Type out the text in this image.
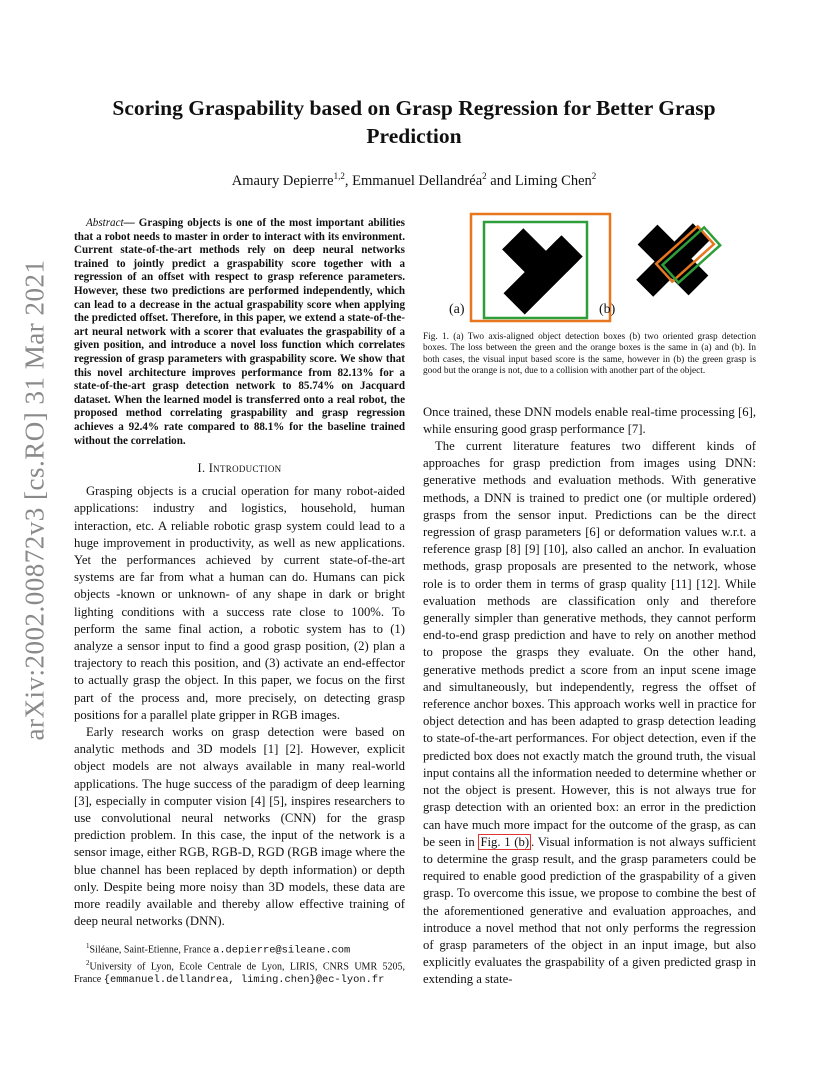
arXiv:2002.00872v3 [cs.RO] 31 Mar 2021
Scoring Graspability based on Grasp Regression for Better Grasp Prediction
Amaury Depierre$^{1,2}$, Emmanuel Dellandréa$^2$ and Liming Chen$^2$
Abstract— Grasping objects is one of the most important abilities that a robot needs to master in order to interact with its environment. Current state-of-the-art methods rely on deep neural networks trained to jointly predict a graspability score together with a regression of an offset with respect to grasp reference parameters. However, these two predictions are performed independently, which can lead to a decrease in the actual graspability score when applying the predicted offset. Therefore, in this paper, we extend a state-of-the-art neural network with a scorer that evaluates the graspability of a given position, and introduce a novel loss function which correlates regression of grasp parameters with graspability score. We show that this novel architecture improves performance from 82.13% for a state-of-the-art grasp detection network to 85.74% on Jacquard dataset. When the learned model is transferred onto a real robot, the proposed method correlating graspability and grasp regression achieves a 92.4% rate compared to 88.1% for the baseline trained without the correlation.
I. Introduction

Grasping objects is a crucial operation for many robot-aided applications: industry and logistics, household, human interaction, etc. A reliable robotic grasp system could lead to a huge improvement in productivity, as well as new applications. Yet the performances achieved by current state-of-the-art systems are far from what a human can do. Humans can pick objects -known or unknown- of any shape in dark or bright lighting conditions with a success rate close to 100%. To perform the same final action, a robotic system has to (1) analyze a sensor input to find a good grasp position, (2) plan a trajectory to reach this position, and (3) activate an end-effector to actually grasp the object. In this paper, we focus on the first part of the process and, more precisely, on detecting grasp positions for a parallel plate gripper in RGB images.

Early research works on grasp detection were based on analytic methods and 3D models [1] [2]. However, explicit object models are not always available in many real-world applications. The huge success of the paradigm of deep learning [3], especially in computer vision [4] [5], inspires researchers to use convolutional neural networks (CNN) for the grasp prediction problem. In this case, the input of the network is a sensor image, either RGB, RGB-D, RGD (RGB image where the blue channel has been replaced by depth information) or depth only. Despite being more noisy than 3D models, these data are more readily available and thereby allow effective training of deep neural networks (DNN).

$^1$Siléane, Saint-Etienne, France a.depierre@sileane.com

$^2$University of Lyon, Ecole Centrale de Lyon, LIRIS, CNRS UMR 5205, France {emmanuel.dellandrea, liming.chen}@ec-lyon.fr

(a)	(b)
Fig. 1. (a) Two axis-aligned object detection boxes (b) two oriented grasp detection boxes. The loss between the green and the orange boxes is the same in (a) and (b). In both cases, the visual input based score is the same, however in (b) the green grasp is good but the orange is not, due to a collision with another part of the object.

Once trained, these DNN models enable real-time processing [6], while ensuring good grasp performance [7].

The current literature features two different kinds of approaches for grasp prediction from images using DNN: generative methods and evaluation methods. With generative methods, a DNN is trained to predict one (or multiple ordered) grasps from the sensor input. Predictions can be the direct regression of grasp parameters [6] or deformation values w.r.t. a reference grasp [8] [9] [10], also called an anchor. In evaluation methods, grasp proposals are presented to the network, whose role is to order them in terms of grasp quality [11] [12]. While evaluation methods are classification only and therefore generally simpler than generative methods, they cannot perform end-to-end grasp prediction and have to rely on another method to propose the grasps they evaluate. On the other hand, generative methods predict a score from an input scene image and simultaneously, but independently, regress the offset of reference anchor boxes. This approach works well in practice for object detection and has been adapted to grasp detection leading to state-of-the-art performances. For object detection, even if the predicted box does not exactly match the ground truth, the visual input contains all the information needed to determine whether or not the object is present. However, this is not always true for grasp detection with an oriented box: an error in the prediction can have much more impact for the outcome of the grasp, as can be seen in Fig. 1 (b) . Visual information is not always sufficient to determine the grasp result, and the grasp parameters could be required to enable good prediction of the graspability of a given grasp. To overcome this issue, we propose to combine the best of the aforementioned generative and evaluation approaches, and introduce a novel method that not only performs the regression of grasp parameters of the object in an input image, but also explicitly evaluates the graspability of a given predicted grasp in extending a state-
